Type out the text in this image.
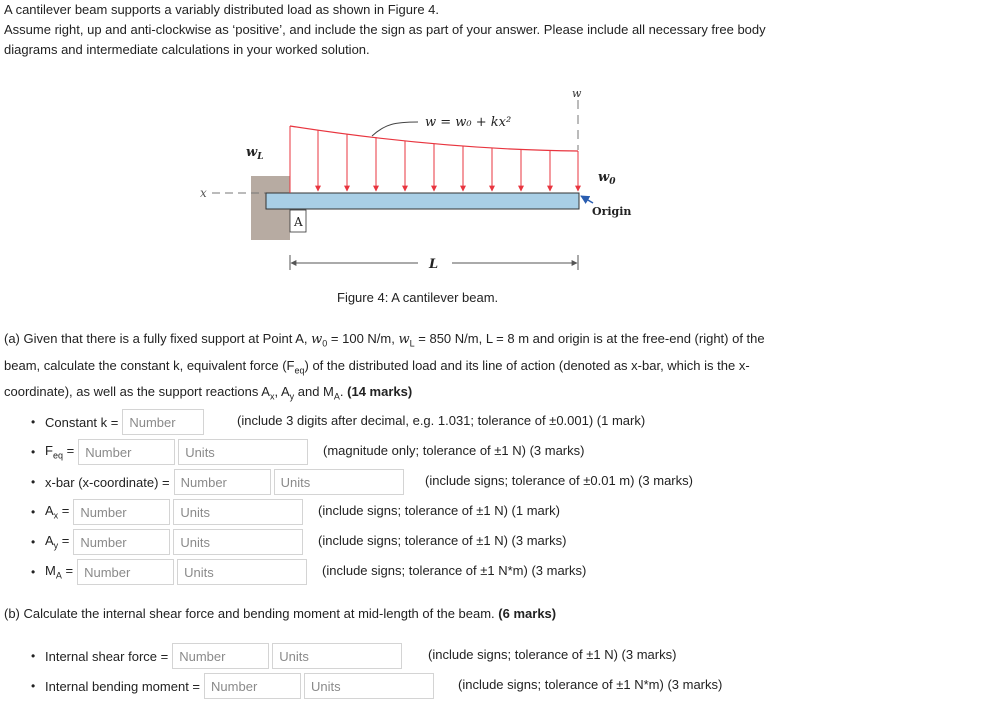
A cantilever beam supports a variably distributed load as shown in Figure 4.

Assume right, up and anti-clockwise as ‘positive’, and include the sign as part of your answer. Please include all necessary free body

diagrams and intermediate calculations in your worked solution.

w
w = w₀ + kx²
$w_L$
$w_0$
x
A
Origin
L
Figure 4: A cantilever beam.
(a) Given that there is a fully fixed support at Point A, $w_0 = 100$ N/m, $w_L = 850$ N/m, L = 8 m and origin is at the free-end (right) of the
beam, calculate the constant k, equivalent force $(F_{eq})$ of the distributed load and its line of action (denoted as x-bar, which is the x-
coordinate), as well as the support reactions $A_x$, $A_y$ and $M_A$. (14 marks)
• Constant k = Number	(include 3 digits after decimal, e.g. 1.031; tolerance of ±0.001) (1 mark)
• $F_{eq}$ = Number	Units	(magnitude only; tolerance of ±1 N) (3 marks)
• x-bar (x-coordinate) = Number	Units	(include signs; tolerance of ±0.01 m) (3 marks)
• $A_x$ = Number	Units	(include signs; tolerance of ±1 N) (1 mark)
• $A_y$ = Number	Units	(include signs; tolerance of ±1 N) (3 marks)
• $M_A$ = Number	Units	(include signs; tolerance of ±1 N*m) (3 marks)
(b) Calculate the internal shear force and bending moment at mid-length of the beam. (6 marks)
• Internal shear force = Number	Units	(include signs; tolerance of ±1 N) (3 marks)
• Internal bending moment = Number	Units	(include signs; tolerance of ±1 N*m) (3 marks)
